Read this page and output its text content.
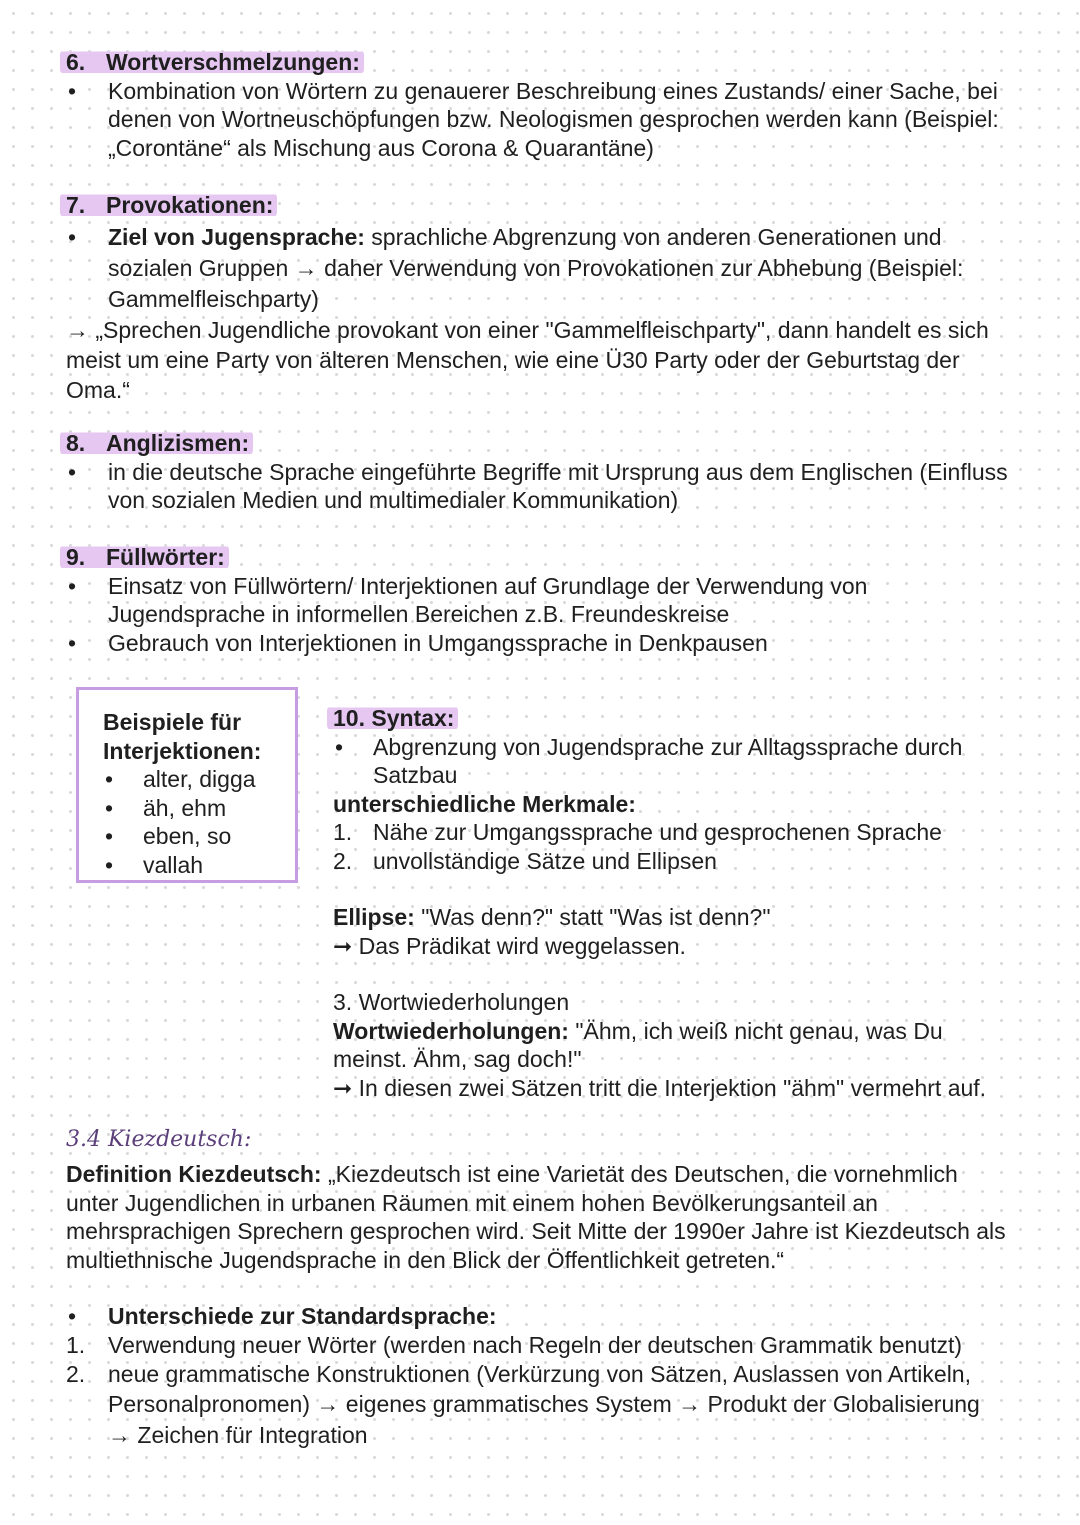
6. Wortverschmelzungen:

• Kombination von Wörtern zu genauerer Beschreibung eines Zustands/ einer Sache, bei denen von Wortneuschöpfungen bzw. Neologismen gesprochen werden kann (Beispiel: „Corontäne“ als Mischung aus Corona & Quarantäne)

7. Provokationen:

• Ziel von Jugensprache: sprachliche Abgrenzung von anderen Generationen und sozialen Gruppen → daher Verwendung von Provokationen zur Abhebung (Beispiel: Gammelfleischparty)

→ „Sprechen Jugendliche provokant von einer "Gammelfleischparty", dann handelt es sich meist um eine Party von älteren Menschen, wie eine Ü30 Party oder der Geburtstag der Oma.“

8. Anglizismen:

• in die deutsche Sprache eingeführte Begriffe mit Ursprung aus dem Englischen (Einfluss von sozialen Medien und multimedialer Kommunikation)

9. Füllwörter:

• Einsatz von Füllwörtern/ Interjektionen auf Grundlage der Verwendung von Jugendsprache in informellen Bereichen z.B. Freundeskreise
• Gebrauch von Interjektionen in Umgangssprache in Denkpausen

Beispiele für Interjektionen:

• alter, digga
• äh, ehm
• eben, so
• vallah

10. Syntax:

• Abgrenzung von Jugendsprache zur Alltagssprache durch Satzbau

unterschiedliche Merkmale:

1. Nähe zur Umgangssprache und gesprochenen Sprache
2. unvollständige Sätze und Ellipsen

Ellipse: "Was denn?" statt "Was ist denn?"

➞ Das Prädikat wird weggelassen.

3. Wortwiederholungen

Wortwiederholungen: "Ähm, ich weiß nicht genau, was Du meinst. Ähm, sag doch!"

➞ In diesen zwei Sätzen tritt die Interjektion "ähm" vermehrt auf.

3.4 Kiezdeutsch:

Definition Kiezdeutsch: „Kiezdeutsch ist eine Varietät des Deutschen, die vornehmlich unter Jugendlichen in urbanen Räumen mit einem hohen Bevölkerungsanteil an mehrsprachigen Sprechern gesprochen wird. Seit Mitte der 1990er Jahre ist Kiezdeutsch als multiethnische Jugendsprache in den Blick der Öffentlichkeit getreten.“

• Unterschiede zur Standardsprache:
1. Verwendung neuer Wörter (werden nach Regeln der deutschen Grammatik benutzt)
2. neue grammatische Konstruktionen (Verkürzung von Sätzen, Auslassen von Artikeln, Personalpronomen) → eigenes grammatisches System → Produkt der Globalisierung
→ Zeichen für Integration
